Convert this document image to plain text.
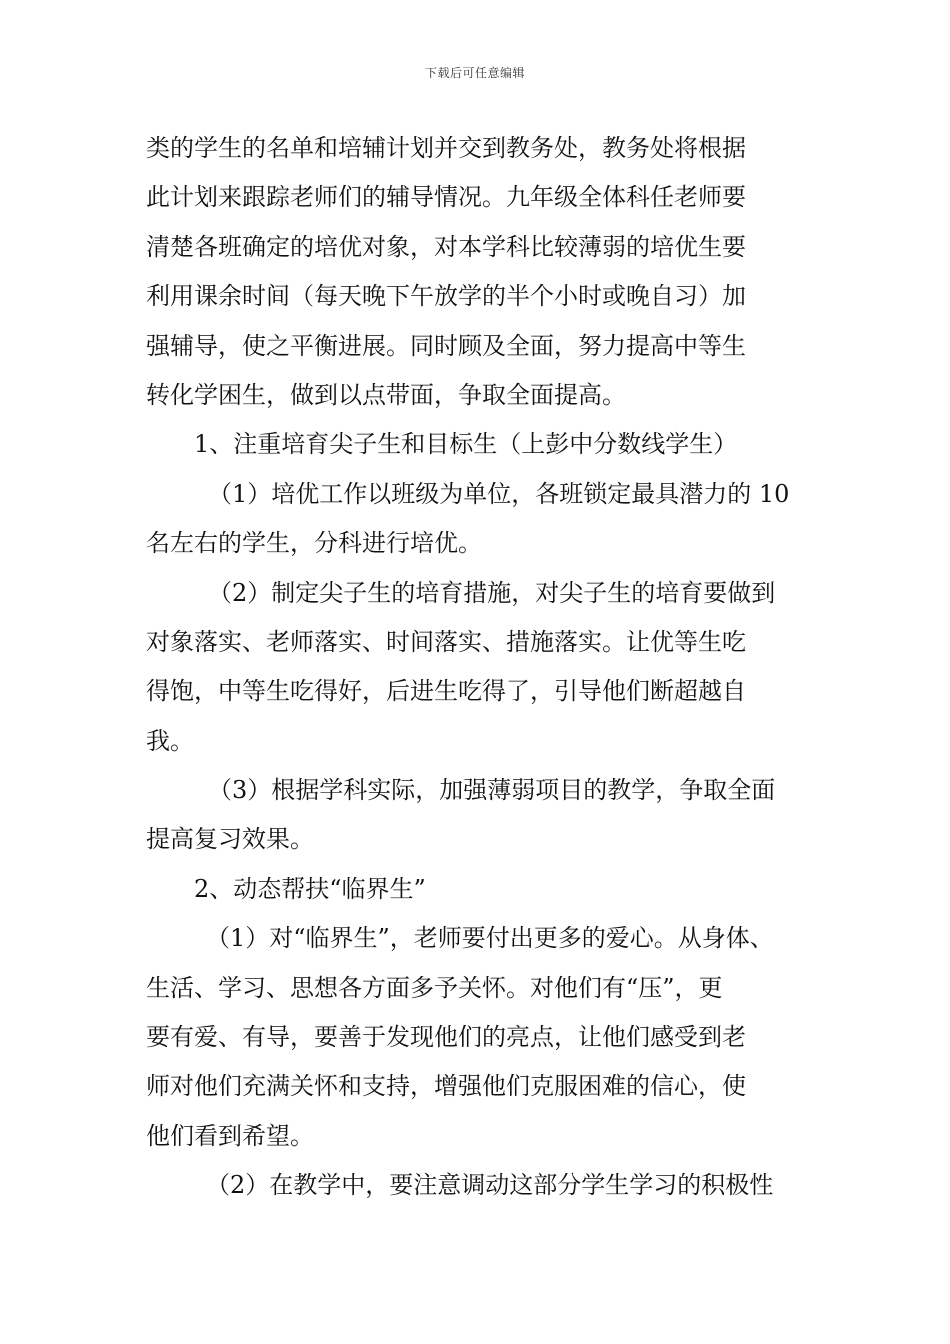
下载后可任意编辑
类的学生的名单和培辅计划并交到教务处，教务处将根据
此计划来跟踪老师们的辅导情况。九年级全体科任老师要
清楚各班确定的培优对象，对本学科比较薄弱的培优生要
利用课余时间（每天晚下午放学的半个小时或晚自习）加
强辅导，使之平衡进展。同时顾及全面，努力提高中等生
转化学困生，做到以点带面，争取全面提高。
1、注重培育尖子生和目标生（上彭中分数线学生）
（1）培优工作以班级为单位，各班锁定最具潜力的 10
名左右的学生，分科进行培优。
（2）制定尖子生的培育措施，对尖子生的培育要做到
对象落实、老师落实、时间落实、措施落实。让优等生吃
得饱，中等生吃得好，后进生吃得了，引导他们断超越自
我。
（3）根据学科实际，加强薄弱项目的教学，争取全面
提高复习效果。
2、动态帮扶“临界生”
（1）对“临界生”，老师要付出更多的爱心。从身体、
生活、学习、思想各方面多予关怀。对他们有“压”，更
要有爱、有导，要善于发现他们的亮点，让他们感受到老
师对他们充满关怀和支持，增强他们克服困难的信心，使
他们看到希望。
（2）在教学中，要注意调动这部分学生学习的积极性
